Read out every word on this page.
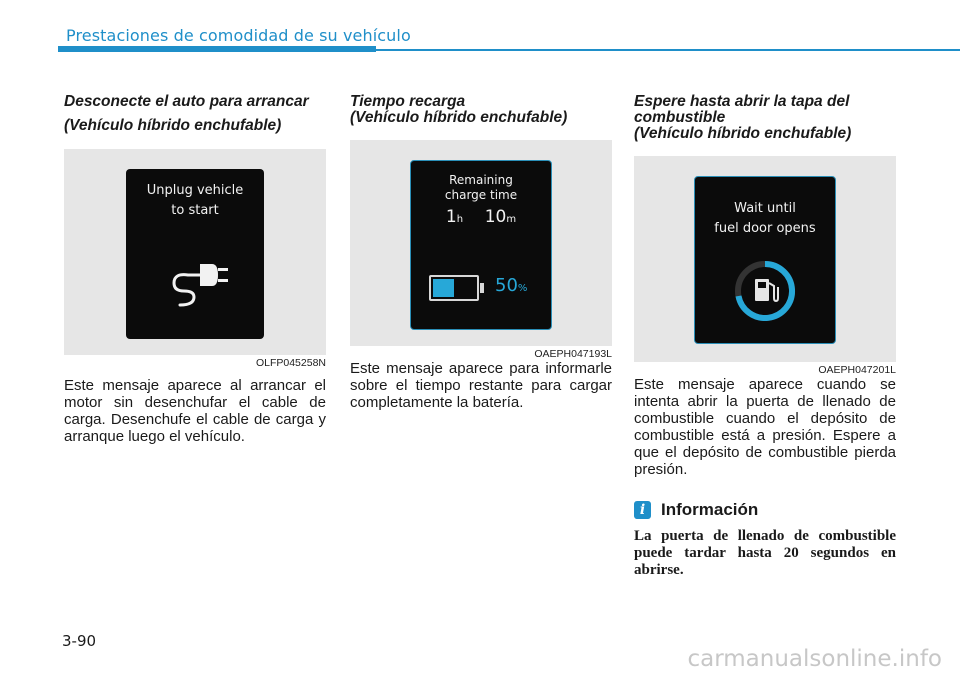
Prestaciones de comodidad de su vehículo

Desconecte el auto para arrancar

(Vehículo híbrido enchufable)

Unplug vehicle
to start
OLFP045258N

Este mensaje aparece al arrancar el motor sin desenchufar el cable de carga. Desenchufe el cable de carga y arranque luego el vehículo.

Tiempo recarga

(Vehículo híbrido enchufable)

Remaining
charge time
1h 10m
50%
OAEPH047193L

Este mensaje aparece para informarle sobre el tiempo restante para cargar completamente la batería.

Espere hasta abrir la tapa del combustible

(Vehículo híbrido enchufable)

Wait until
fuel door opens
OAEPH047201L

Este mensaje aparece cuando se intenta abrir la puerta de llenado de combustible cuando el depósito de combustible está a presión. Espere a que el depósito de combustible pierda presión.

i Información
La puerta de llenado de combustible puede tardar hasta 20 segundos en abrirse.
3-90
carmanualsonline.info
